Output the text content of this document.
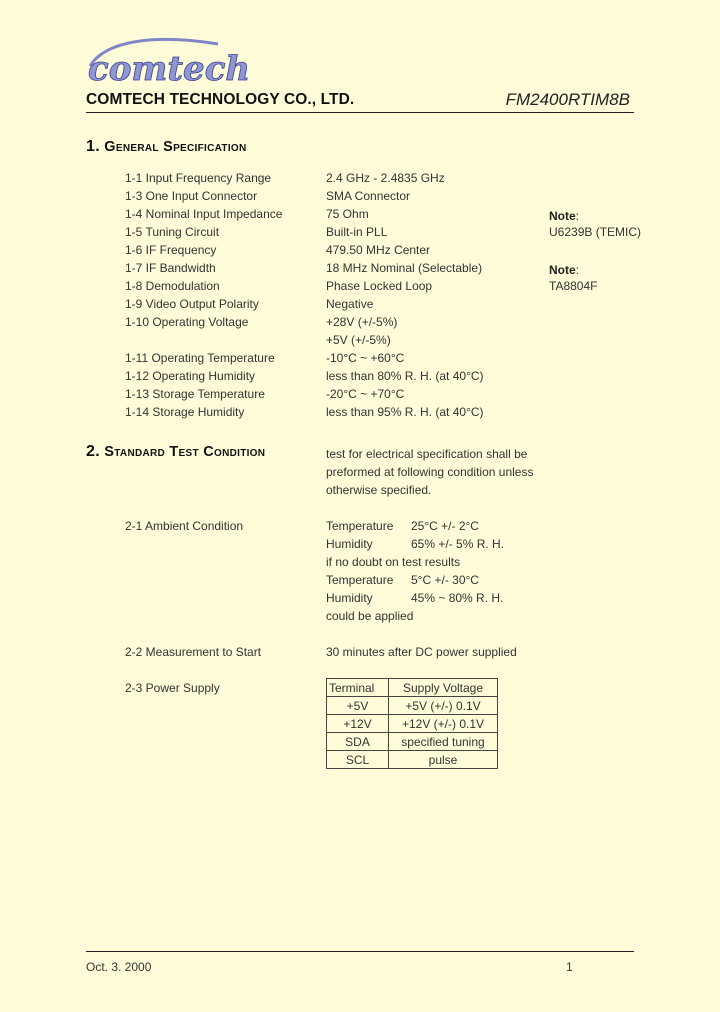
comtech
COMTECH TECHNOLOGY CO., LTD.	FM2400RTIM8B
1. General Specification
1-1 Input Frequency Range	2.4 GHz - 2.4835 GHz
1-3 One Input Connector	SMA Connector
1-4 Nominal Input Impedance	75 Ohm
1-5 Tuning Circuit	Built-in PLL
1-6 IF Frequency	479.50 MHz Center
1-7 IF Bandwidth	18 MHz Nominal (Selectable)
1-8 Demodulation	Phase Locked Loop
1-9 Video Output Polarity	Negative
1-10 Operating Voltage	+28V (+/-5%)
+5V (+/-5%)
1-11 Operating Temperature	-10°C ~ +60°C
1-12 Operating Humidity	less than 80% R. H. (at 40°C)
1-13 Storage Temperature	-20°C ~ +70°C
1-14 Storage Humidity	less than 95% R. H. (at 40°C)
Note:
U6239B (TEMIC)
Note:
TA8804F
2. Standard Test Condition	test for electrical specification shall be
preformed at following condition unless
otherwise specified.
2-1 Ambient Condition	Temperature 25°C +/- 2°C
Humidity	65% +/- 5% R. H.
if no doubt on test results
Temperature 5°C +/- 30°C
Humidity	45% ~ 80% R. H.
could be applied
2-2 Measurement to Start	30 minutes after DC power supplied
2-3 Power Supply	Terminal	Supply Voltage
+5V	+5V (+/-) 0.1V
+12V	+12V (+/-) 0.1V
SDA	specified tuning
SCL	pulse
Oct. 3. 2000	1
